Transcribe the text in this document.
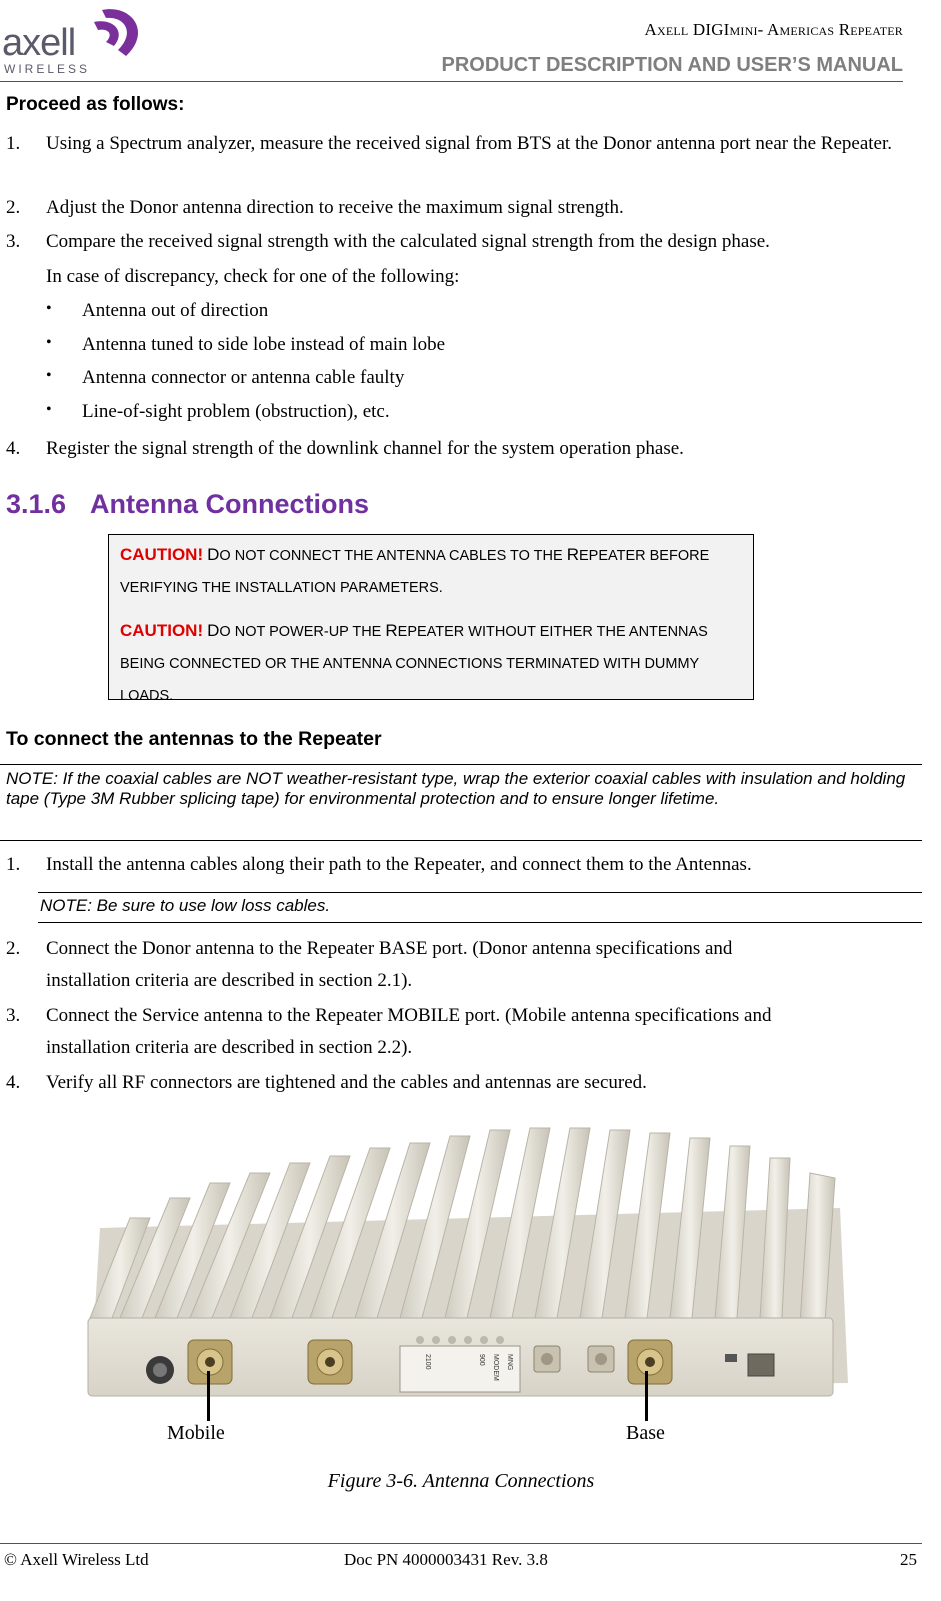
axell
WIRELESS
Axell DIGImini- Americas Repeater
PRODUCT DESCRIPTION AND USER’S MANUAL
Proceed as follows:
1. Using a Spectrum analyzer, measure the received signal from BTS at the Donor antenna port near the Repeater.
2. Adjust the Donor antenna direction to receive the maximum signal strength.
3. Compare the received signal strength with the calculated signal strength from the design phase.
In case of discrepancy, check for one of the following:
• Antenna out of direction
• Antenna tuned to side lobe instead of main lobe
• Antenna connector or antenna cable faulty
• Line-of-sight problem (obstruction), etc.
4. Register the signal strength of the downlink channel for the system operation phase.
3.1.6 Antenna Connections
CAUTION! DO NOT CONNECT THE ANTENNA CABLES TO THE REPEATER BEFORE VERIFYING THE INSTALLATION PARAMETERS.
CAUTION! DO NOT POWER-UP THE REPEATER WITHOUT EITHER THE ANTENNAS BEING CONNECTED OR THE ANTENNA CONNECTIONS TERMINATED WITH DUMMY LOADS.
To connect the antennas to the Repeater

NOTE: If the coaxial cables are NOT weather-resistant type, wrap the exterior coaxial cables with insulation and holding tape (Type 3M Rubber splicing tape) for environmental protection and to ensure longer lifetime.

1. Install the antenna cables along their path to the Repeater, and connect them to the Antennas.

NOTE: Be sure to use low loss cables.

2. Connect the Donor antenna to the Repeater BASE port. (Donor antenna specifications and
installation criteria are described in section 2.1).
3. Connect the Service antenna to the Repeater MOBILE port. (Mobile antenna specifications and
installation criteria are described in section 2.2).
4. Verify all RF connectors are tightened and the cables and antennas are secured.
MNG
MODEM
900
2100
Mobile	Base
Figure 3-6. Antenna Connections
© Axell Wireless Ltd	Doc PN 4000003431 Rev. 3.8	25
